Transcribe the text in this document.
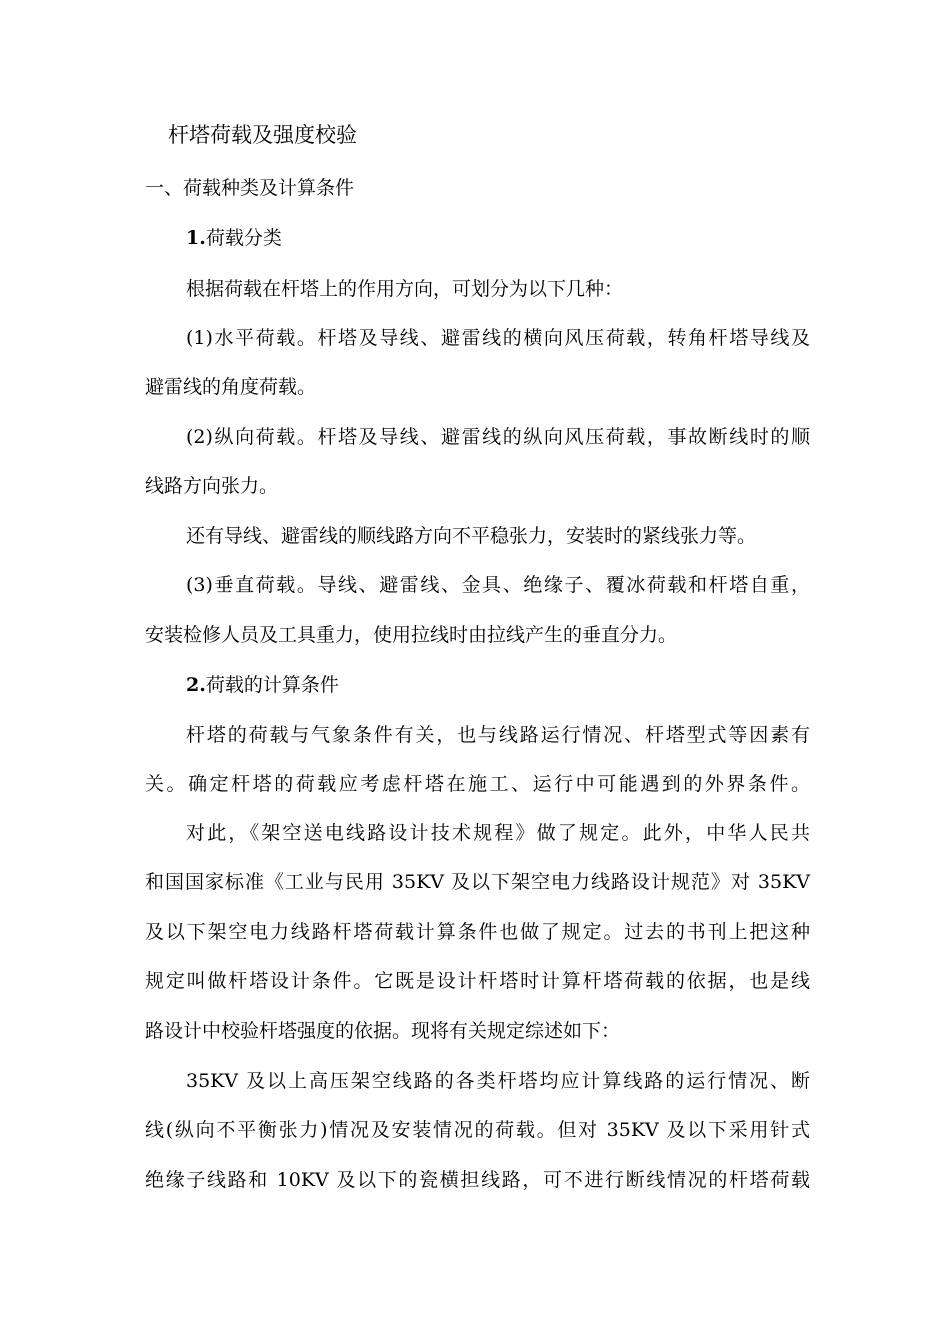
杆塔荷载及强度校验
一、荷载种类及计算条件
1.荷载分类
根据荷载在杆塔上的作用方向，可划分为以下几种：
(1)水平荷载。杆塔及导线、避雷线的横向风压荷载，转角杆塔导线及
避雷线的角度荷载。
(2)纵向荷载。杆塔及导线、避雷线的纵向风压荷载，事故断线时的顺
线路方向张力。
还有导线、避雷线的顺线路方向不平稳张力，安装时的紧线张力等。
(3)垂直荷载。导线、避雷线、金具、绝缘子、覆冰荷载和杆塔自重，
安装检修人员及工具重力，使用拉线时由拉线产生的垂直分力。
2.荷载的计算条件
杆塔的荷载与气象条件有关，也与线路运行情况、杆塔型式等因素有
关。确定杆塔的荷载应考虑杆塔在施工、运行中可能遇到的外界条件。
对此，《架空送电线路设计技术规程》做了规定。此外，中华人民共
和国国家标准《工业与民用 35KV 及以下架空电力线路设计规范》对 35KV
及以下架空电力线路杆塔荷载计算条件也做了规定。过去的书刊上把这种
规定叫做杆塔设计条件。它既是设计杆塔时计算杆塔荷载的依据，也是线
路设计中校验杆塔强度的依据。现将有关规定综述如下：
35KV 及以上高压架空线路的各类杆塔均应计算线路的运行情况、断
线(纵向不平衡张力)情况及安装情况的荷载。但对 35KV 及以下采用针式
绝缘子线路和 10KV 及以下的瓷横担线路，可不进行断线情况的杆塔荷载
